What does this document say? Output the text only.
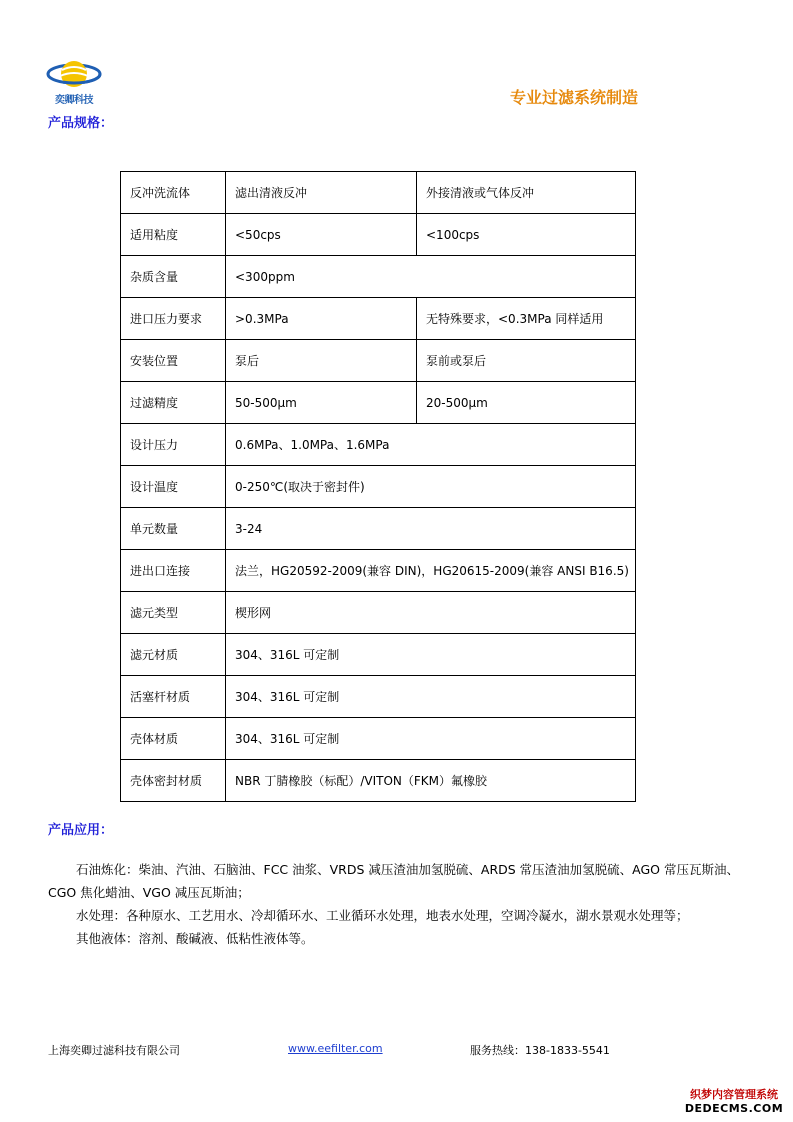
奕卿科技	专业过滤系统制造
产品规格：
反冲洗流体	滤出清液反冲	外接清液或气体反冲
适用粘度	<50cps	<100cps
杂质含量	<300ppm	
进口压力要求	>0.3MPa	无特殊要求，<0.3MPa 同样适用
安装位置	泵后	泵前或泵后
过滤精度	50-500μm	20-500μm
设计压力	0.6MPa、1.0MPa、1.6MPa	
设计温度	0-250℃(取决于密封件)	
单元数量	3-24	
进出口连接	法兰，HG20592-2009(兼容 DIN)，HG20615-2009(兼容 ANSI B16.5)	
滤元类型	楔形网	
滤元材质	304、316L 可定制	
活塞杆材质	304、316L 可定制	
壳体材质	304、316L 可定制	
壳体密封材质	NBR 丁腈橡胶（标配）/VITON（FKM）氟橡胶	
产品应用：

石油炼化：柴油、汽油、石脑油、FCC 油浆、VRDS 减压渣油加氢脱硫、ARDS 常压渣油加氢脱硫、AGO 常压瓦斯油、CGO 焦化蜡油、VGO 减压瓦斯油；

水处理：各种原水、工艺用水、冷却循环水、工业循环水处理，地表水处理，空调冷凝水，湖水景观水处理等；

其他液体：溶剂、酸碱液、低粘性液体等。

上海奕卿过滤科技有限公司	www.eefilter.com	服务热线：138-1833-5541
织梦内容管理系统
DEDECMS.COM
